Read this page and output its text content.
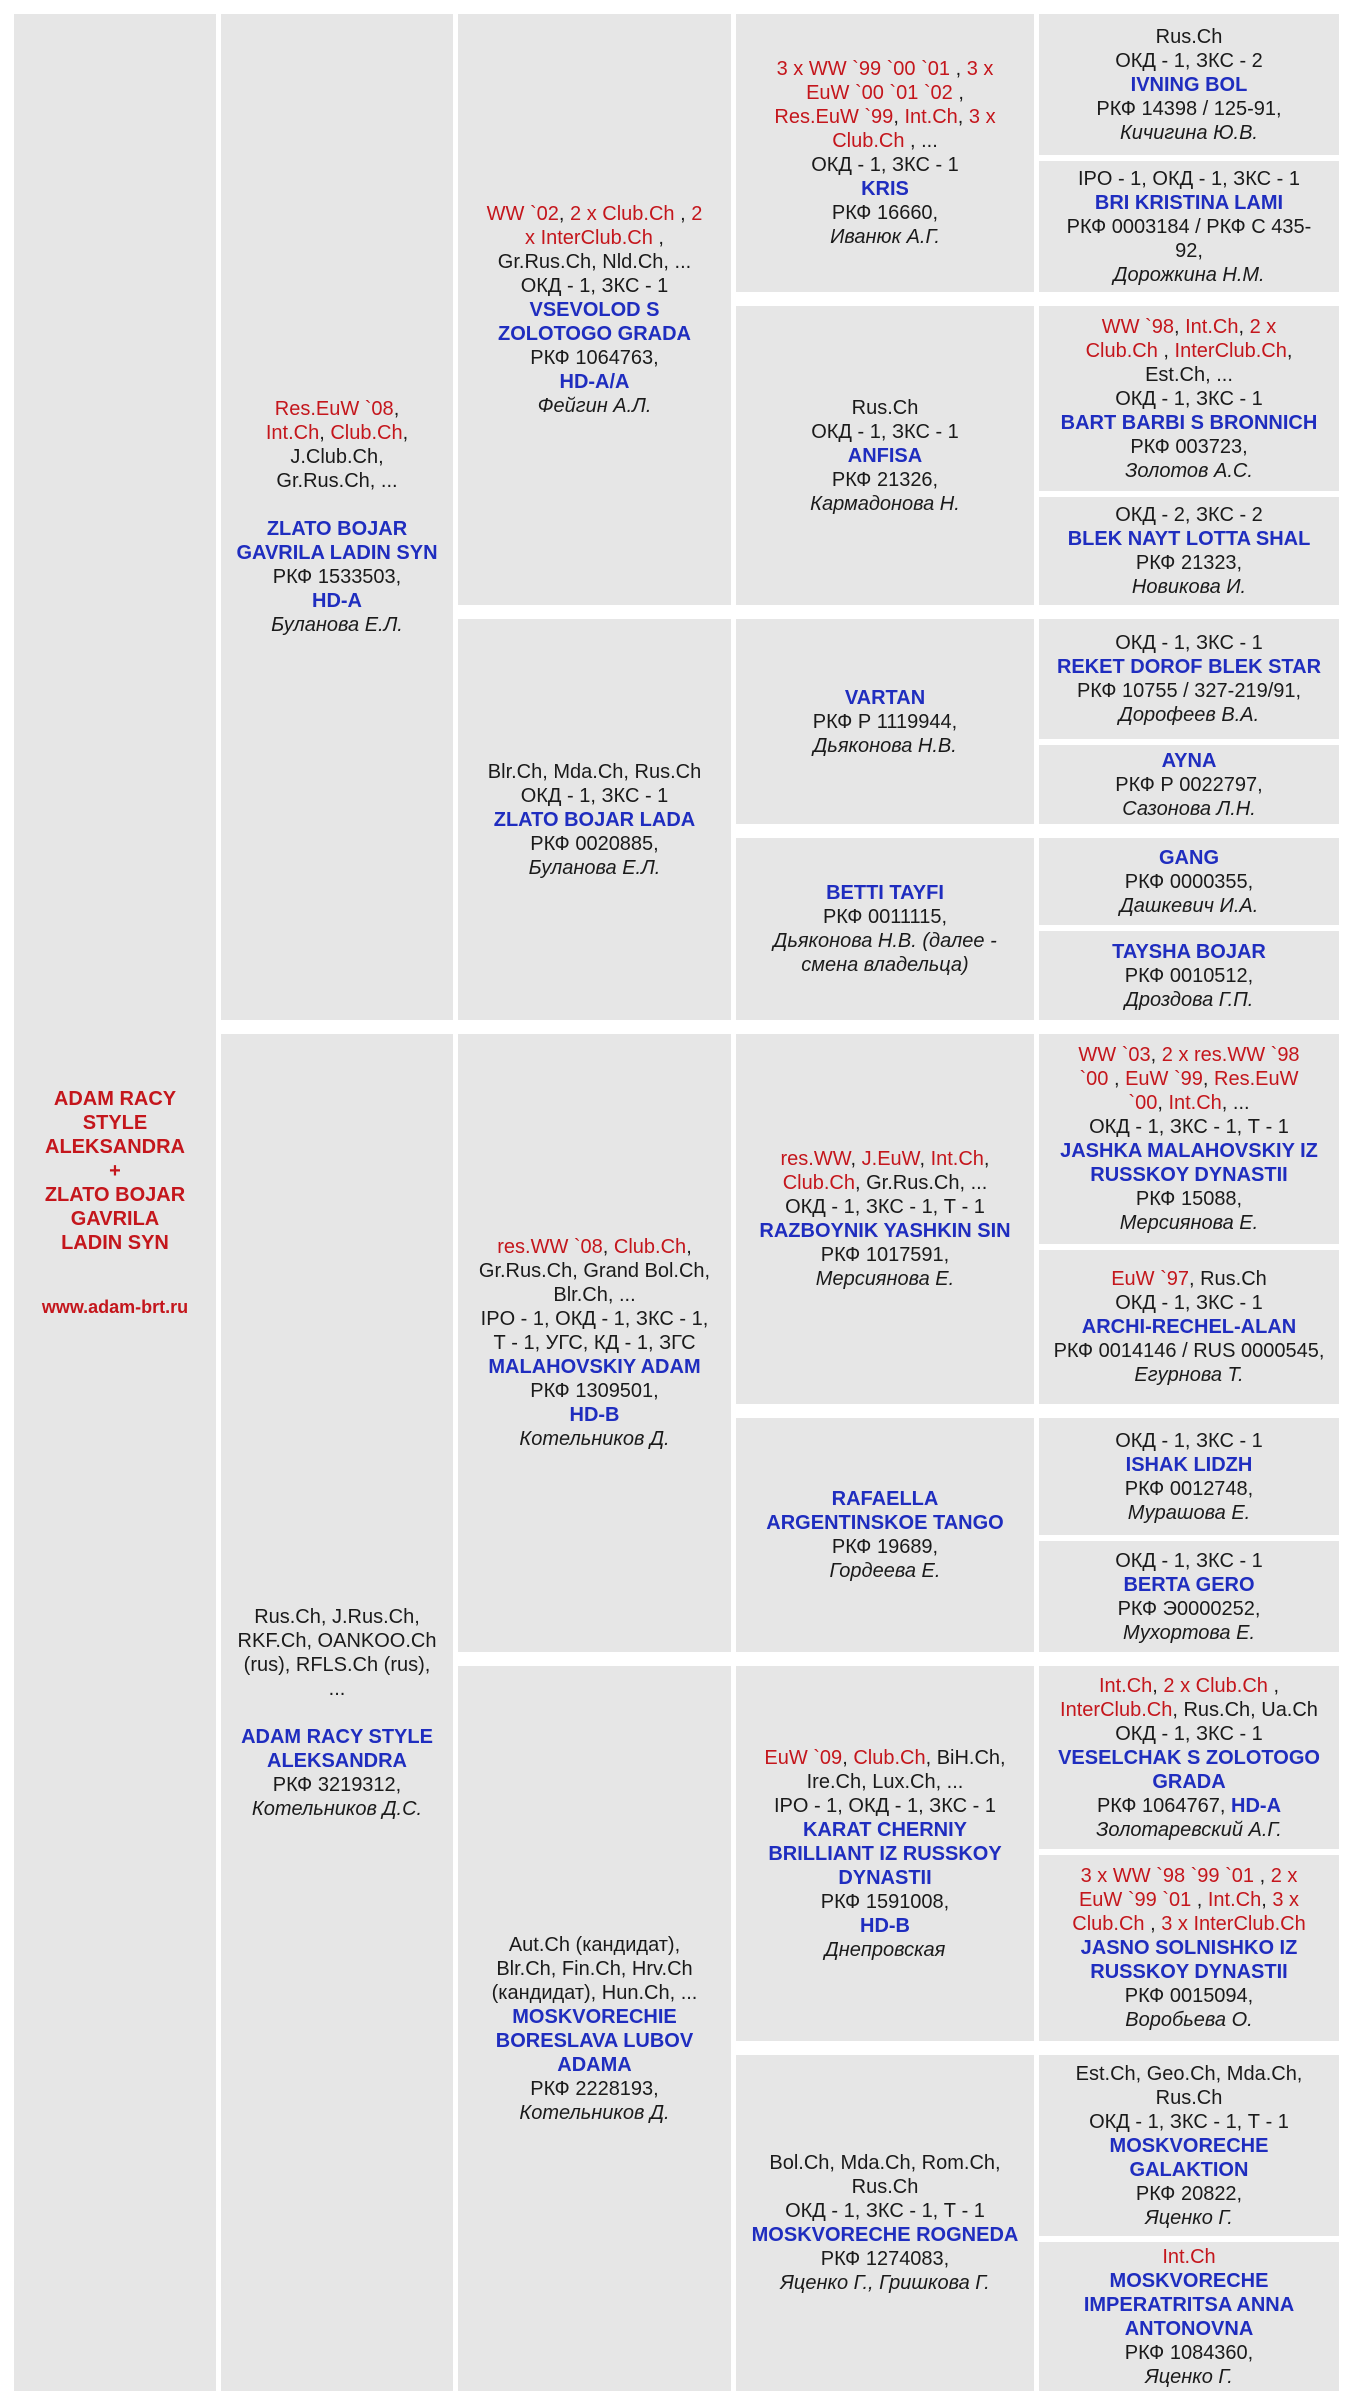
ADAM RACY
STYLE
ALEKSANDRA
+
ZLATO BOJAR
GAVRILA
LADIN SYN
www.adam-brt.ru
Res.EuW `08,
Int.Ch, Club.Ch,
J.Club.Ch,
Gr.Rus.Ch, ...
ZLATO BOJAR GAVRILA LADIN SYN
РКФ 1533503,
HD-A
Буланова Е.Л.
Rus.Ch, J.Rus.Ch,
RKF.Ch, OANKOO.Ch
(rus), RFLS.Ch (rus),
...
ADAM RACY STYLE ALEKSANDRA
РКФ 3219312,
Котельников Д.С.
WW `02, 2 x Club.Ch , 2
x InterClub.Ch ,
Gr.Rus.Ch, Nld.Ch, ...
ОКД - 1, ЗКС - 1
VSEVOLOD S ZOLOTOGO GRADA
РКФ 1064763,
HD-A/A
Фейгин А.Л.
Blr.Ch, Mda.Ch, Rus.Ch
ОКД - 1, ЗКС - 1
ZLATO BOJAR LADA
РКФ 0020885,
Буланова Е.Л.
res.WW `08, Club.Ch,
Gr.Rus.Ch, Grand Bol.Ch,
Blr.Ch, ...
IPO - 1, ОКД - 1, ЗКС - 1, Т - 1, УГС, КД - 1, ЗГС
MALAHOVSKIY ADAM
РКФ 1309501,
HD-B
Котельников Д.
Aut.Ch (кандидат),
Blr.Ch, Fin.Ch, Hrv.Ch
(кандидат), Hun.Ch, ...
MOSKVORECHIE BORESLAVA LUBOV ADAMA
РКФ 2228193,
Котельников Д.
3 x WW `99 `00 `01 , 3 x
EuW `00 `01 `02 ,
Res.EuW `99, Int.Ch, 3 x
Club.Ch , ...
ОКД - 1, ЗКС - 1
KRIS
РКФ 16660,
Иванюк А.Г.
Rus.Ch
ОКД - 1, ЗКС - 1
ANFISA
РКФ 21326,
Кармадонова Н.
VARTAN
РКФ Р 1119944,
Дьяконова Н.В.
BETTI TAYFI
РКФ 0011115,
Дьяконова Н.В. (далее - смена владельца)
res.WW, J.EuW, Int.Ch,
Club.Ch, Gr.Rus.Ch, ...
ОКД - 1, ЗКС - 1, Т - 1
RAZBOYNIK YASHKIN SIN
РКФ 1017591,
Мерсиянова Е.
RAFAELLA ARGENTINSKOE TANGO
РКФ 19689,
Гордеева Е.
EuW `09, Club.Ch, BiH.Ch,
Ire.Ch, Lux.Ch, ...
IPO - 1, ОКД - 1, ЗКС - 1
KARAT CHERNIY BRILLIANT IZ RUSSKOY DYNASTII
РКФ 1591008,
HD-B
Днепровская
Bol.Ch, Mda.Ch, Rom.Ch,
Rus.Ch
ОКД - 1, ЗКС - 1, Т - 1
MOSKVORECHE ROGNEDA
РКФ 1274083,
Яценко Г., Гришкова Г.
Rus.Ch
ОКД - 1, ЗКС - 2
IVNING BOL
РКФ 14398 / 125-91,
Кичигина Ю.В.
IPO - 1, ОКД - 1, ЗКС - 1
BRI KRISTINA LAMI
РКФ 0003184 / РКФ С 435-92,
Дорожкина Н.М.
WW `98, Int.Ch, 2 x
Club.Ch , InterClub.Ch,
Est.Ch, ...
ОКД - 1, ЗКС - 1
BART BARBI S BRONNICH
РКФ 003723,
Золотов А.С.
ОКД - 2, ЗКС - 2
BLEK NAYT LOTTA SHAL
РКФ 21323,
Новикова И.
ОКД - 1, ЗКС - 1
REKET DOROF BLEK STAR
РКФ 10755 / 327-219/91,
Дорофеев В.А.
AYNA
РКФ Р 0022797,
Сазонова Л.Н.
GANG
РКФ 0000355,
Дашкевич И.А.
TAYSHA BOJAR
РКФ 0010512,
Дроздова Г.П.
WW `03, 2 x res.WW `98
`00 , EuW `99, Res.EuW
`00, Int.Ch, ...
ОКД - 1, ЗКС - 1, Т - 1
JASHKA MALAHOVSKIY IZ RUSSKOY DYNASTII
РКФ 15088,
Мерсиянова Е.
EuW `97, Rus.Ch
ОКД - 1, ЗКС - 1
ARCHI-RECHEL-ALAN
РКФ 0014146 / RUS 0000545,
Егурнова Т.
ОКД - 1, ЗКС - 1
ISHAK LIDZH
РКФ 0012748,
Мурашова Е.
ОКД - 1, ЗКС - 1
BERTA GERO
РКФ Э0000252,
Мухортова Е.
Int.Ch, 2 x Club.Ch ,
InterClub.Ch, Rus.Ch, Ua.Ch
ОКД - 1, ЗКС - 1
VESELCHAK S ZOLOTOGO GRADA
РКФ 1064767, HD-A
Золотаревский А.Г.
3 x WW `98 `99 `01 , 2 x
EuW `99 `01 , Int.Ch, 3 x
Club.Ch , 3 x InterClub.Ch
JASNO SOLNISHKO IZ RUSSKOY DYNASTII
РКФ 0015094,
Воробьева О.
Est.Ch, Geo.Ch, Mda.Ch,
Rus.Ch
ОКД - 1, ЗКС - 1, Т - 1
MOSKVORECHE GALAKTION
РКФ 20822,
Яценко Г.
Int.Ch
MOSKVORECHE IMPERATRITSA ANNA ANTONOVNA
РКФ 1084360,
Яценко Г.
